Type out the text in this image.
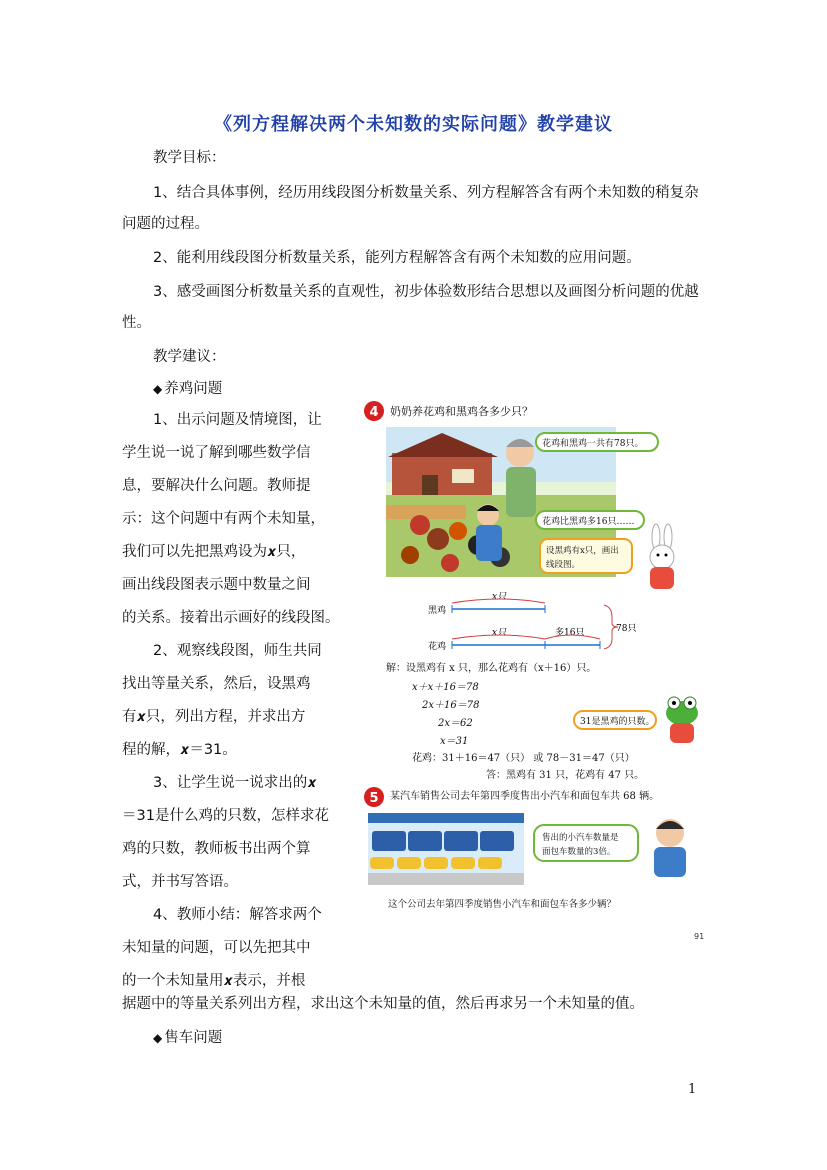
《列方程解决两个未知数的实际问题》教学建议
教学目标：
1、结合具体事例，经历用线段图分析数量关系、列方程解答含有两个未知数的稍复杂
问题的过程。
2、能利用线段图分析数量关系，能列方程解答含有两个未知数的应用问题。
3、感受画图分析数量关系的直观性，初步体验数形结合思想以及画图分析问题的优越
性。
教学建议：
◆ 养鸡问题
1、出示问题及情境图，让
学生说一说了解到哪些数学信
息，要解决什么问题。教师提
示：这个问题中有两个未知量，
我们可以先把黑鸡设为𝒙只，
画出线段图表示题中数量之间
的关系。接着出示画好的线段图。
2、观察线段图，师生共同
找出等量关系，然后，设黑鸡
有𝒙只，列出方程，并求出方
程的解，𝒙＝31。
3、让学生说一说求出的𝒙
＝31是什么鸡的只数，怎样求花
鸡的只数，教师板书出两个算
式，并书写答语。
4、教师小结：解答求两个
未知量的问题，可以先把其中
的一个未知量用𝒙表示，并根
据题中的等量关系列出方程，求出这个未知量的值，然后再求另一个未知量的值。
◆ 售车问题
4 奶奶养花鸡和黑鸡各多少只？
花鸡和黑鸡一共有78只。
花鸡比黑鸡多16只……
设黑鸡有x只，画出
线段图。
黑鸡
x只
花鸡
x只	多16只	78只
解：设黑鸡有 x 只，那么花鸡有（x＋16）只。
x＋x＋16＝78
2x＋16＝78
2x＝62
x＝31
花鸡：31＋16＝47（只） 或 78－31＝47（只）
答：黑鸡有 31 只，花鸡有 47 只。
31是黑鸡的只数。
5 某汽车销售公司去年第四季度售出小汽车和面包车共 68 辆。
售出的小汽车数量是
面包车数量的3倍。
这个公司去年第四季度销售小汽车和面包车各多少辆？
91
1
